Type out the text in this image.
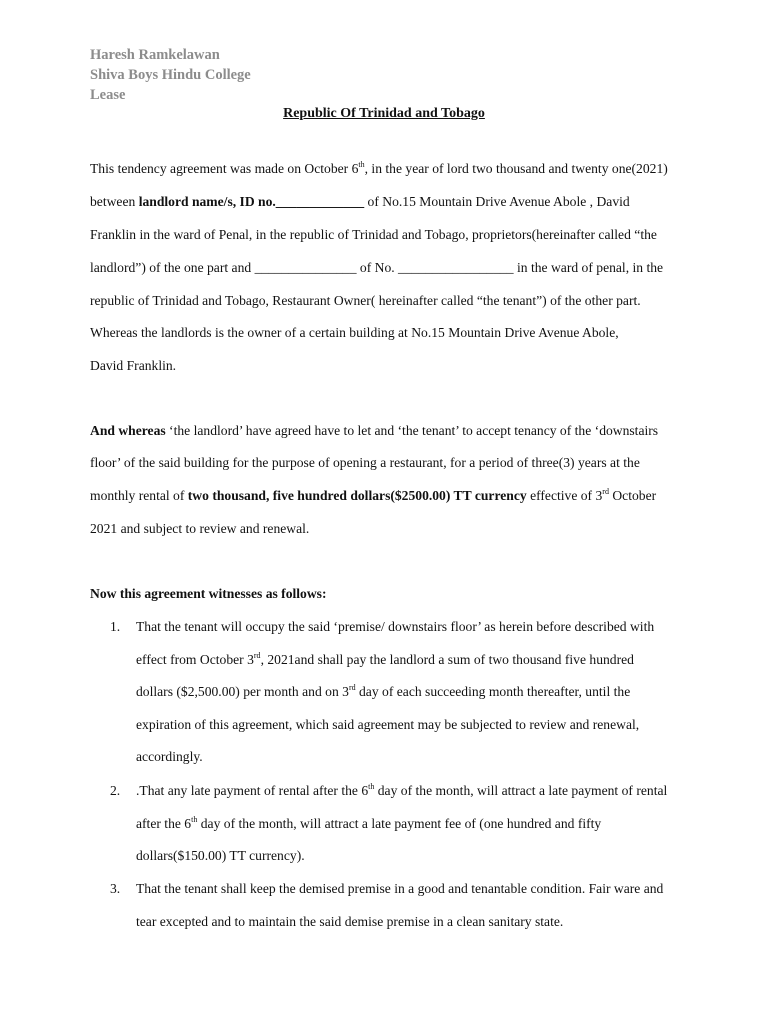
Haresh Ramkelawan
Shiva Boys Hindu College
Lease
Republic Of Trinidad and Tobago
This tendency agreement was made on October 6th, in the year of lord two thousand and twenty one(2021)
between landlord name/s, ID no._____________ of No.15 Mountain Drive Avenue Abole , David
Franklin in the ward of Penal, in the republic of Trinidad and Tobago, proprietors(hereinafter called “the
landlord”) of the one part and _______________ of No. _________________ in the ward of penal, in the
republic of Trinidad and Tobago, Restaurant Owner( hereinafter called “the tenant”) of the other part.
Whereas the landlords is the owner of a certain building at No.15 Mountain Drive Avenue Abole,
David Franklin.
And whereas ‘the landlord’ have agreed have to let and ‘the tenant’ to accept tenancy of the ‘downstairs
floor’ of the said building for the purpose of opening a restaurant, for a period of three(3) years at the
monthly rental of two thousand, five hundred dollars($2500.00) TT currency effective of 3rd October
2021 and subject to review and renewal.
Now this agreement witnesses as follows:
1. That the tenant will occupy the said ‘premise/ downstairs floor’ as herein before described with
effect from October 3rd, 2021and shall pay the landlord a sum of two thousand five hundred
dollars ($2,500.00) per month and on 3rd day of each succeeding month thereafter, until the
expiration of this agreement, which said agreement may be subjected to review and renewal,
accordingly.
2. .That any late payment of rental after the 6th day of the month, will attract a late payment of rental
after the 6th day of the month, will attract a late payment fee of (one hundred and fifty
dollars($150.00) TT currency).
3. That the tenant shall keep the demised premise in a good and tenantable condition. Fair ware and
tear excepted and to maintain the said demise premise in a clean sanitary state.
